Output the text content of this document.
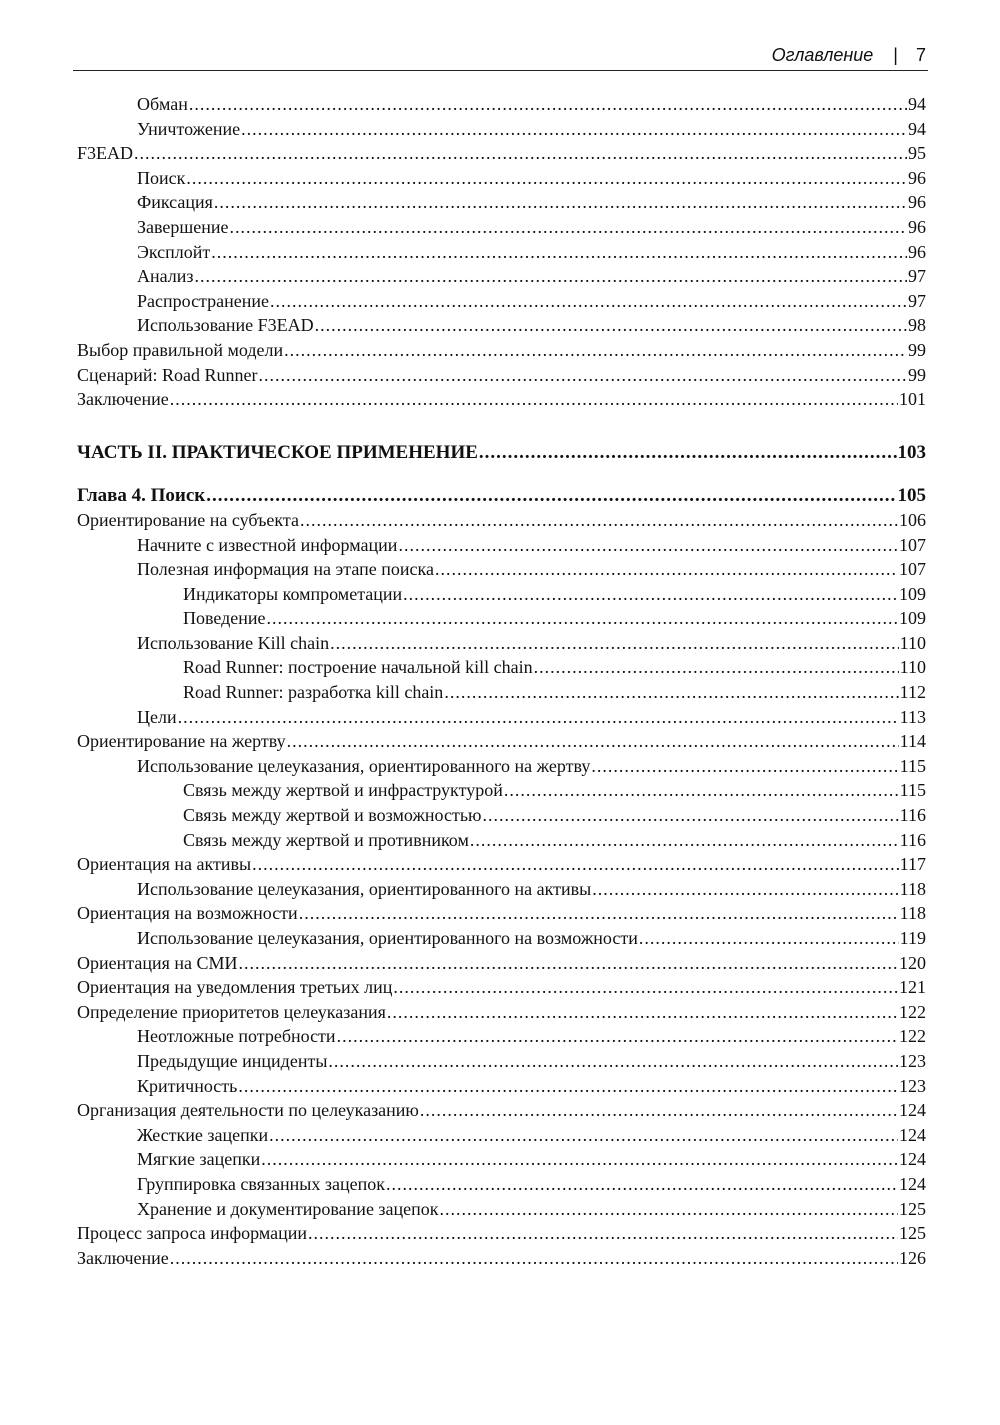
Оглавление | 7
Обман .....	94
Уничтожение .....	94
F3EAD .....	95
Поиск .....	96
Фиксация .....	96
Завершение .....	96
Эксплойт .....	96
Анализ .....	97
Распространение .....	97
Использование F3EAD .....	98
Выбор правильной модели .....	99
Сценарий: Road Runner .....	99
Заключение .....	101
ЧАСТЬ II. ПРАКТИЧЕСКОЕ ПРИМЕНЕНИЕ .....	103
Глава 4. Поиск .....	105
Ориентирование на субъекта .....	106
Начните с известной информации .....	107
Полезная информация на этапе поиска .....	107
Индикаторы компрометации .....	109
Поведение .....	109
Использование Kill chain .....	110
Road Runner: построение начальной kill chain .....	110
Road Runner: разработка kill chain .....	112
Цели .....	113
Ориентирование на жертву .....	114
Использование целеуказания, ориентированного на жертву .....	115
Связь между жертвой и инфраструктурой .....	115
Связь между жертвой и возможностью .....	116
Связь между жертвой и противником .....	116
Ориентация на активы .....	117
Использование целеуказания, ориентированного на активы .....	118
Ориентация на возможности .....	118
Использование целеуказания, ориентированного на возможности .....	119
Ориентация на СМИ .....	120
Ориентация на уведомления третьих лиц .....	121
Определение приоритетов целеуказания .....	122
Неотложные потребности .....	122
Предыдущие инциденты .....	123
Критичность .....	123
Организация деятельности по целеуказанию .....	124
Жесткие зацепки .....	124
Мягкие зацепки .....	124
Группировка связанных зацепок .....	124
Хранение и документирование зацепок .....	125
Процесс запроса информации .....	125
Заключение .....	126
